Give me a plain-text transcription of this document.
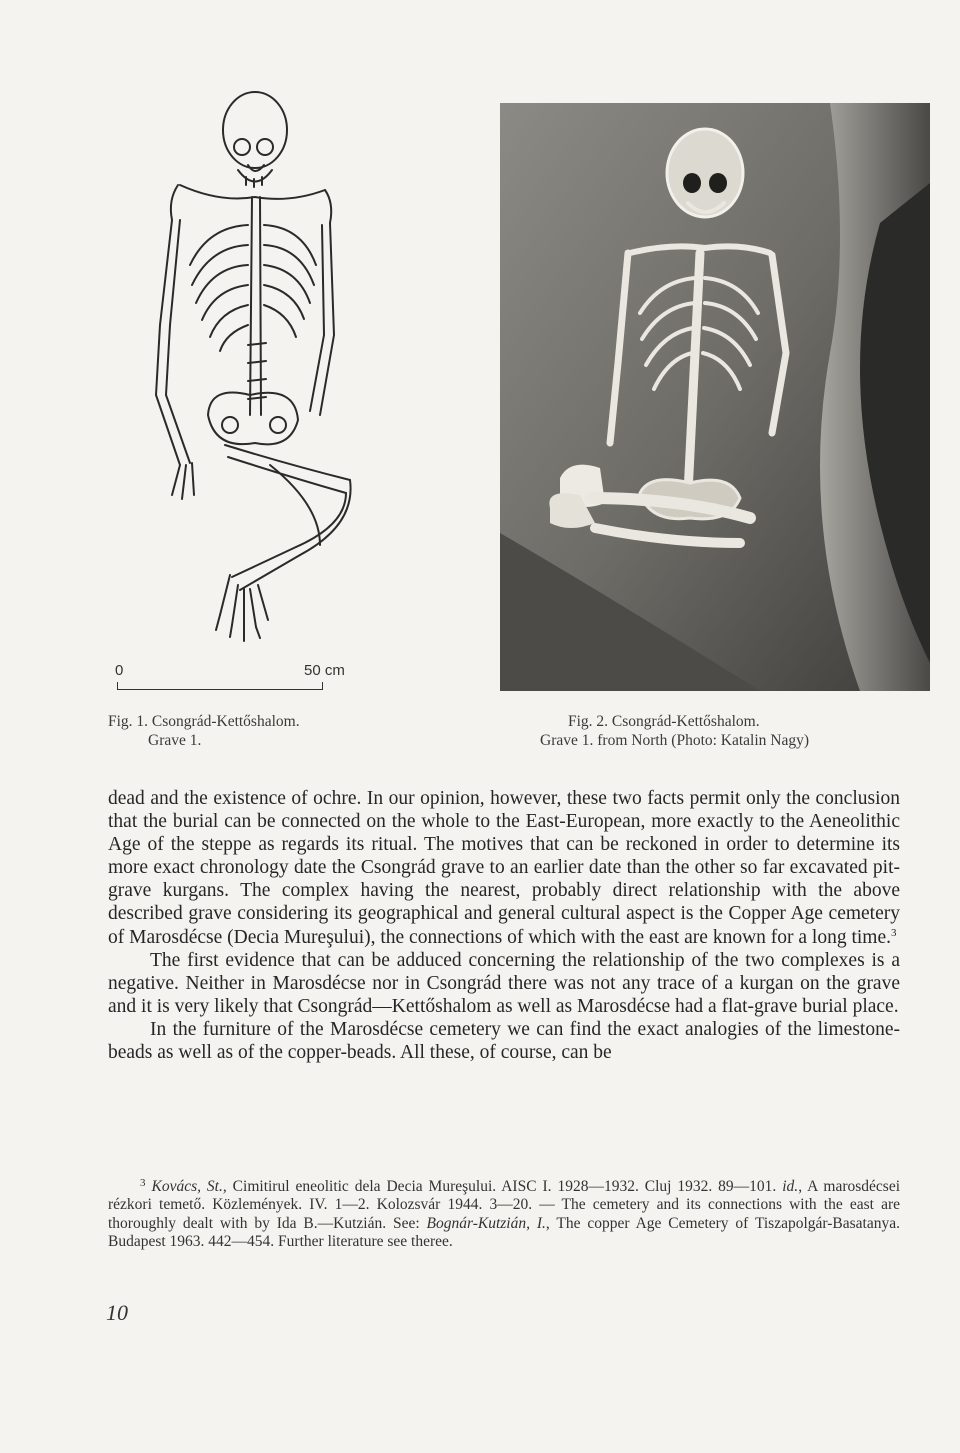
0	50 cm
Fig. 1. Csongrád-Kettőshalom.
Grave 1.
Fig. 2. Csongrád-Kettőshalom.
Grave 1. from North (Photo: Katalin Nagy)

dead and the existence of ochre. In our opinion, however, these two facts permit only the conclusion that the burial can be connected on the whole to the East-European, more exactly to the Aeneolithic Age of the steppe as regards its ritual. The motives that can be reckoned in order to determine its more exact chronology date the Csongrád grave to an earlier date than the other so far excavated pit-grave kurgans. The complex having the nearest, probably direct relationship with the above described grave considering its geographical and general cultural aspect is the Copper Age cemetery of Marosdécse (Decia Mureşului), the connections of which with the east are known for a long time.$^3$

The first evidence that can be adduced concerning the relationship of the two complexes is a negative. Neither in Marosdécse nor in Csongrád there was not any trace of a kurgan on the grave and it is very likely that Csongrád—Kettőshalom as well as Marosdécse had a flat-grave burial place.

In the furniture of the Marosdécse cemetery we can find the exact analogies of the limestone-beads as well as of the copper-beads. All these, of course, can be

3 Kovács, St., Cimitirul eneolitic dela Decia Mureşului. AISC I. 1928—1932. Cluj 1932. 89—101. id., A marosdécsei rézkori temető. Közlemények. IV. 1—2. Kolozsvár 1944. 3—20. — The cemetery and its connections with the east are thoroughly dealt with by Ida B.—Kutzián. See: Bognár-Kutzián, I., The copper Age Cemetery of Tiszapolgár-Basatanya. Budapest 1963. 442—454. Further literature see theree.
10
